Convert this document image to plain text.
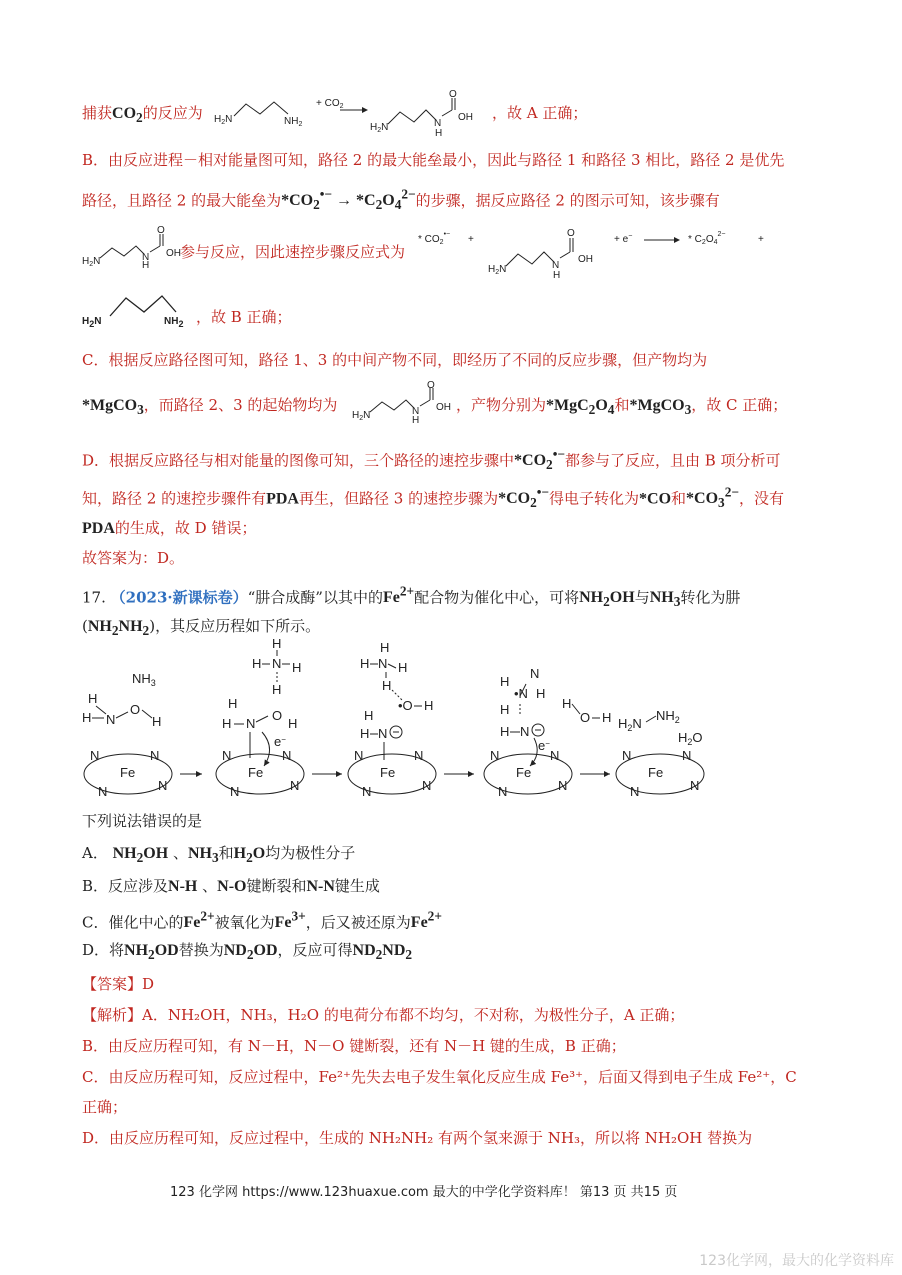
捕获$CO_2$的反应为 $H_2N$	$NH_2$
+ $CO_2$
$H_2N$	N
H
O
OH ，故 A 正确；
B．由反应进程－相对能量图可知，路径 2 的最大能垒最小，因此与路径 1 和路径 3 相比，路径 2 是优先
路径，且路径 2 的最大能垒为$*CO_2^{•-} \to *C_2O_4^{2-}$的步骤，据反应路径 2 的图示可知，该步骤有
$H_2N$	N
H
O
OH 参与反应，因此速控步骤反应式为
* $CO_2^{•-}$ +
$H_2N$	N
H
O
OH
+ e−	* $C_2O_4^{2-}$	+
H2N	NH2 ，故 B 正确；
C．根据反应路径图可知，路径 1、3 的中间产物不同，即经历了不同的反应步骤，但产物均为
*MgCO$_3$，而路径 2、3 的起始物均为
$H_2N$	N
H
O
OH ，产物分别为$*MgC_2O_4$和*MgCO$_3$，故 C 正确；
D．根据反应路径与相对能量的图像可知，三个路径的速控步骤中$*CO_2^{•-}$都参与了反应，且由 B 项分析可
知，路径 2 的速控步骤件有PDA再生，但路径 3 的速控步骤为$*CO_2^{•-}$得电子转化为*CO和$*CO_3^{2-}$，没有
PDA的生成，故 D 错误；
故答案为：D。
17. （2023·新课标卷）“肼合成酶”以其中的$Fe^{2+}$配合物为催化中心，可将$NH_2OH$与$NH_3$转化为肼
$(NH_2NH_2)$，其反应历程如下所示。
$NH_3$
H
H N
O
H
Fe
N	N
N	N
H N H
H
H
H
H N
O
H
e−
Fe
N	N
N	N
H N H
H
H
•O H
H
H N
Fe
N	N
N	N
H
N
•N H
H
H N
H
O H
e−
Fe
N	N
N	N
$H_2N$
$NH_2$
$H_2O$
Fe
N	N
N	N
下列说法错误的是
A． $NH_2OH$ 、$NH_3$和$H_2O$均为极性分子
B．反应涉及N-H 、N-O键断裂和N-N键生成
C．催化中心的$Fe^{2+}$被氧化为$Fe^{3+}$，后又被还原为$Fe^{2+}$
D．将$NH_2OD$替换为$ND_2OD$，反应可得$ND_2ND_2$
【答案】D
【解析】A．NH₂OH，NH₃，H₂O 的电荷分布都不均匀，不对称，为极性分子，A 正确；
B．由反应历程可知，有 N－H，N－O 键断裂，还有 N－H 键的生成，B 正确；
C．由反应历程可知，反应过程中，Fe²⁺先失去电子发生氧化反应生成 Fe³⁺，后面又得到电子生成 Fe²⁺，C
正确；
D．由反应历程可知，反应过程中，生成的 NH₂NH₂ 有两个氢来源于 NH₃，所以将 NH₂OH 替换为
123 化学网 https://www.123huaxue.com 最大的中学化学资料库！ 第13 页 共15 页
123化学网，最大的化学资料库
